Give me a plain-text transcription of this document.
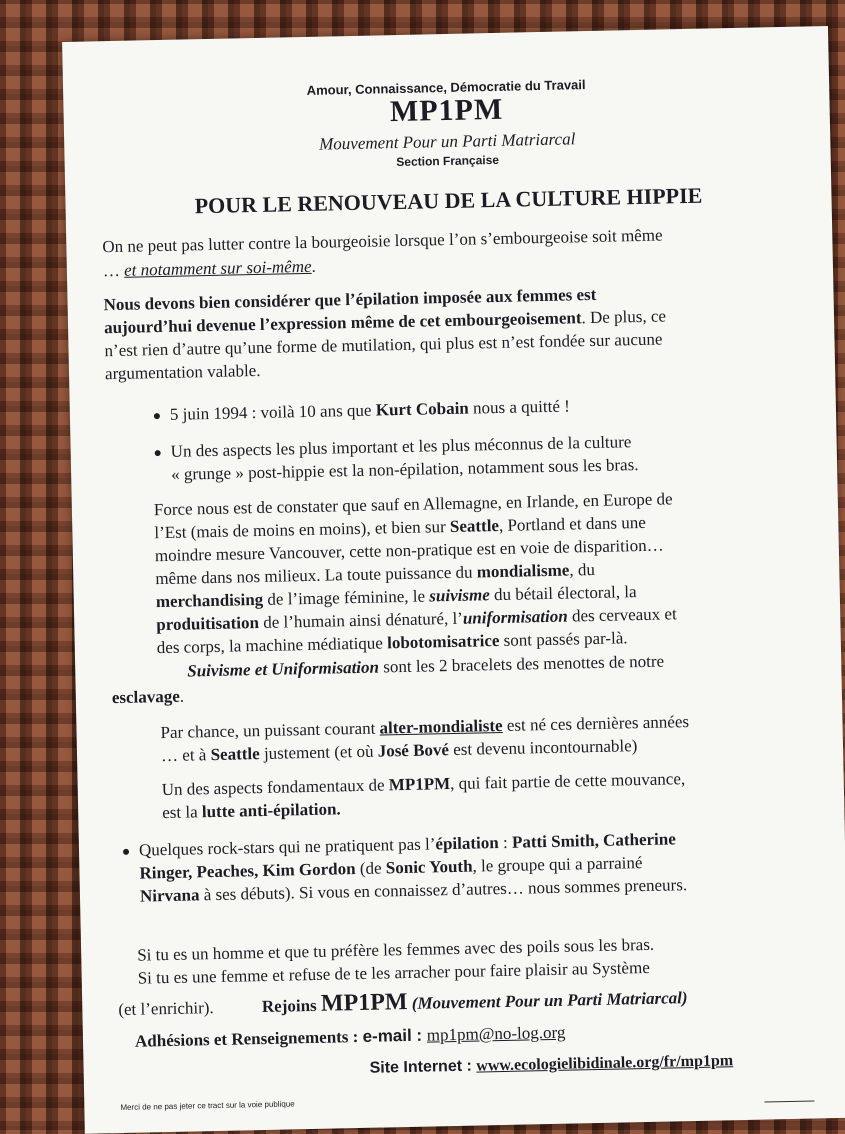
Amour, Connaissance, Démocratie du Travail
MP1PM
Mouvement Pour un Parti Matriarcal
Section Française
POUR LE RENOUVEAU DE LA CULTURE HIPPIE
On ne peut pas lutter contre la bourgeoisie lorsque l’on s’embourgeoise soit même
… et notamment sur soi-même.
Nous devons bien considérer que l’épilation imposée aux femmes est
aujourd’hui devenue l’expression même de cet embourgeoisement. De plus, ce
n’est rien d’autre qu’une forme de mutilation, qui plus est n’est fondée sur aucune
argumentation valable.
5 juin 1994 : voilà 10 ans que Kurt Cobain nous a quitté !
Un des aspects les plus important et les plus méconnus de la culture
« grunge » post-hippie est la non-épilation, notamment sous les bras.
Force nous est de constater que sauf en Allemagne, en Irlande, en Europe de
l’Est (mais de moins en moins), et bien sur Seattle, Portland et dans une
moindre mesure Vancouver, cette non-pratique est en voie de disparition…
même dans nos milieux. La toute puissance du mondialisme, du
merchandising de l’image féminine, le suivisme du bétail électoral, la
produitisation de l’humain ainsi dénaturé, l’uniformisation des cerveaux et
des corps, la machine médiatique lobotomisatrice sont passés par-là.
Suivisme et Uniformisation sont les 2 bracelets des menottes de notre
esclavage.
Par chance, un puissant courant alter-mondialiste est né ces dernières années
… et à Seattle justement (et où José Bové est devenu incontournable)
Un des aspects fondamentaux de MP1PM, qui fait partie de cette mouvance,
est la lutte anti-épilation.
Quelques rock-stars qui ne pratiquent pas l’épilation : Patti Smith, Catherine
Ringer, Peaches, Kim Gordon (de Sonic Youth, le groupe qui a parrainé
Nirvana à ses débuts). Si vous en connaissez d’autres… nous sommes preneurs.
Si tu es un homme et que tu préfère les femmes avec des poils sous les bras.
Si tu es une femme et refuse de te les arracher pour faire plaisir au Système
(et l’enrichir).	Rejoins MP1PM (Mouvement Pour un Parti Matriarcal)
Adhésions et Renseignements : e-mail : mp1pm@no-log.org
Site Internet : www.ecologielibidinale.org/fr/mp1pm
Merci de ne pas jeter ce tract sur la voie publique
